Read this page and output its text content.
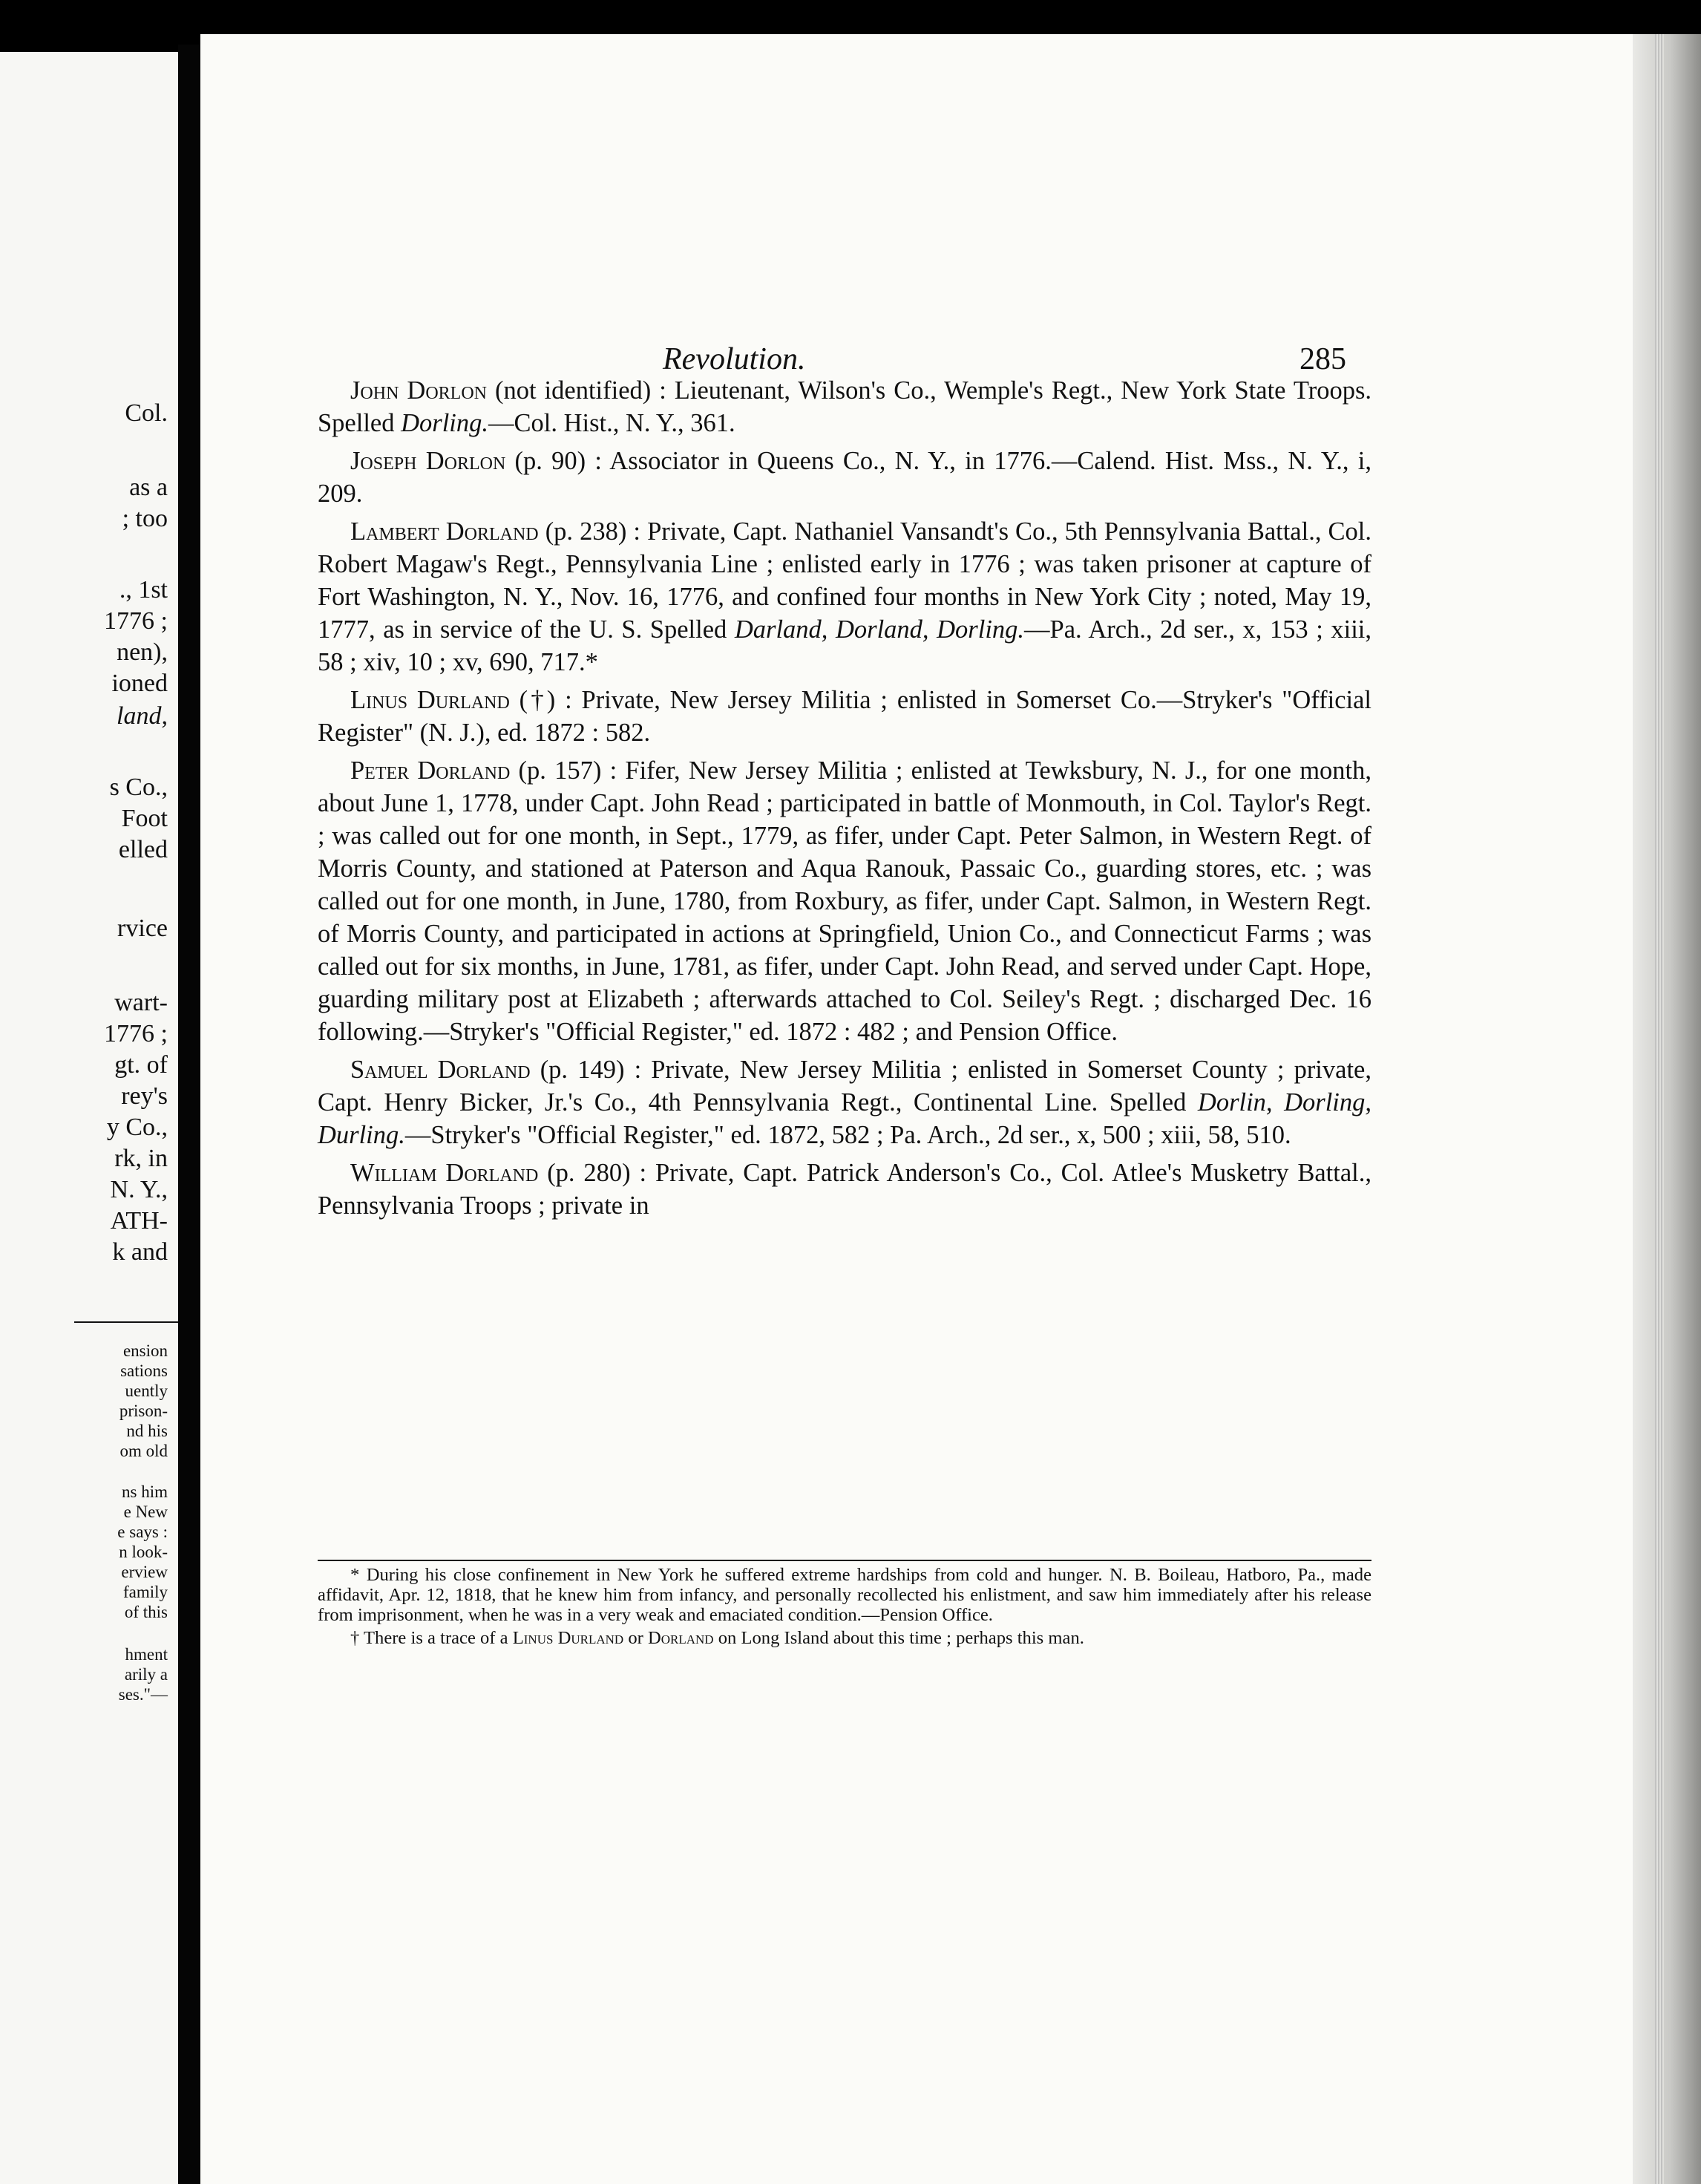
Col.
as a
; too
., 1st
1776 ;
nen),
ioned
land,
s Co.,
Foot
elled
rvice
wart-
1776 ;
gt. of
rey's
y Co.,
rk, in
N. Y.,
ATH-
k and
ension
sations
uently
prison-
nd his
om old
ns him
e New
e says :
n look-
erview
family
of this
hment
arily a
ses."—
Revolution.	285

John Dorlon (not identified) : Lieutenant, Wilson's Co., Wemple's Regt., New York State Troops. Spelled Dorling.—Col. Hist., N. Y., 361.

Joseph Dorlon (p. 90) : Associator in Queens Co., N. Y., in 1776.—Calend. Hist. Mss., N. Y., i, 209.

Lambert Dorland (p. 238) : Private, Capt. Nathaniel Vansandt's Co., 5th Pennsylvania Battal., Col. Robert Magaw's Regt., Pennsylvania Line ; enlisted early in 1776 ; was taken prisoner at capture of Fort Washington, N. Y., Nov. 16, 1776, and confined four months in New York City ; noted, May 19, 1777, as in service of the U. S. Spelled Darland, Dorland, Dorling.—Pa. Arch., 2d ser., x, 153 ; xiii, 58 ; xiv, 10 ; xv, 690, 717.*

Linus Durland (†) : Private, New Jersey Militia ; enlisted in Somerset Co.—Stryker's "Official Register" (N. J.), ed. 1872 : 582.

Peter Dorland (p. 157) : Fifer, New Jersey Militia ; enlisted at Tewksbury, N. J., for one month, about June 1, 1778, under Capt. John Read ; participated in battle of Monmouth, in Col. Taylor's Regt. ; was called out for one month, in Sept., 1779, as fifer, under Capt. Peter Salmon, in Western Regt. of Morris County, and stationed at Paterson and Aqua Ranouk, Passaic Co., guarding stores, etc. ; was called out for one month, in June, 1780, from Roxbury, as fifer, under Capt. Salmon, in Western Regt. of Morris County, and participated in actions at Springfield, Union Co., and Connecticut Farms ; was called out for six months, in June, 1781, as fifer, under Capt. John Read, and served under Capt. Hope, guarding military post at Elizabeth ; afterwards attached to Col. Seiley's Regt. ; discharged Dec. 16 following.—Stryker's "Official Register," ed. 1872 : 482 ; and Pension Office.

Samuel Dorland (p. 149) : Private, New Jersey Militia ; enlisted in Somerset County ; private, Capt. Henry Bicker, Jr.'s Co., 4th Pennsylvania Regt., Continental Line. Spelled Dorlin, Dorling, Durling.—Stryker's "Official Register," ed. 1872, 582 ; Pa. Arch., 2d ser., x, 500 ; xiii, 58, 510.

William Dorland (p. 280) : Private, Capt. Patrick Anderson's Co., Col. Atlee's Musketry Battal., Pennsylvania Troops ; private in

* During his close confinement in New York he suffered extreme hardships from cold and hunger. N. B. Boileau, Hatboro, Pa., made affidavit, Apr. 12, 1818, that he knew him from infancy, and personally recollected his enlistment, and saw him immediately after his release from imprisonment, when he was in a very weak and emaciated condition.—Pension Office.

† There is a trace of a Linus Durland or Dorland on Long Island about this time ; perhaps this man.
